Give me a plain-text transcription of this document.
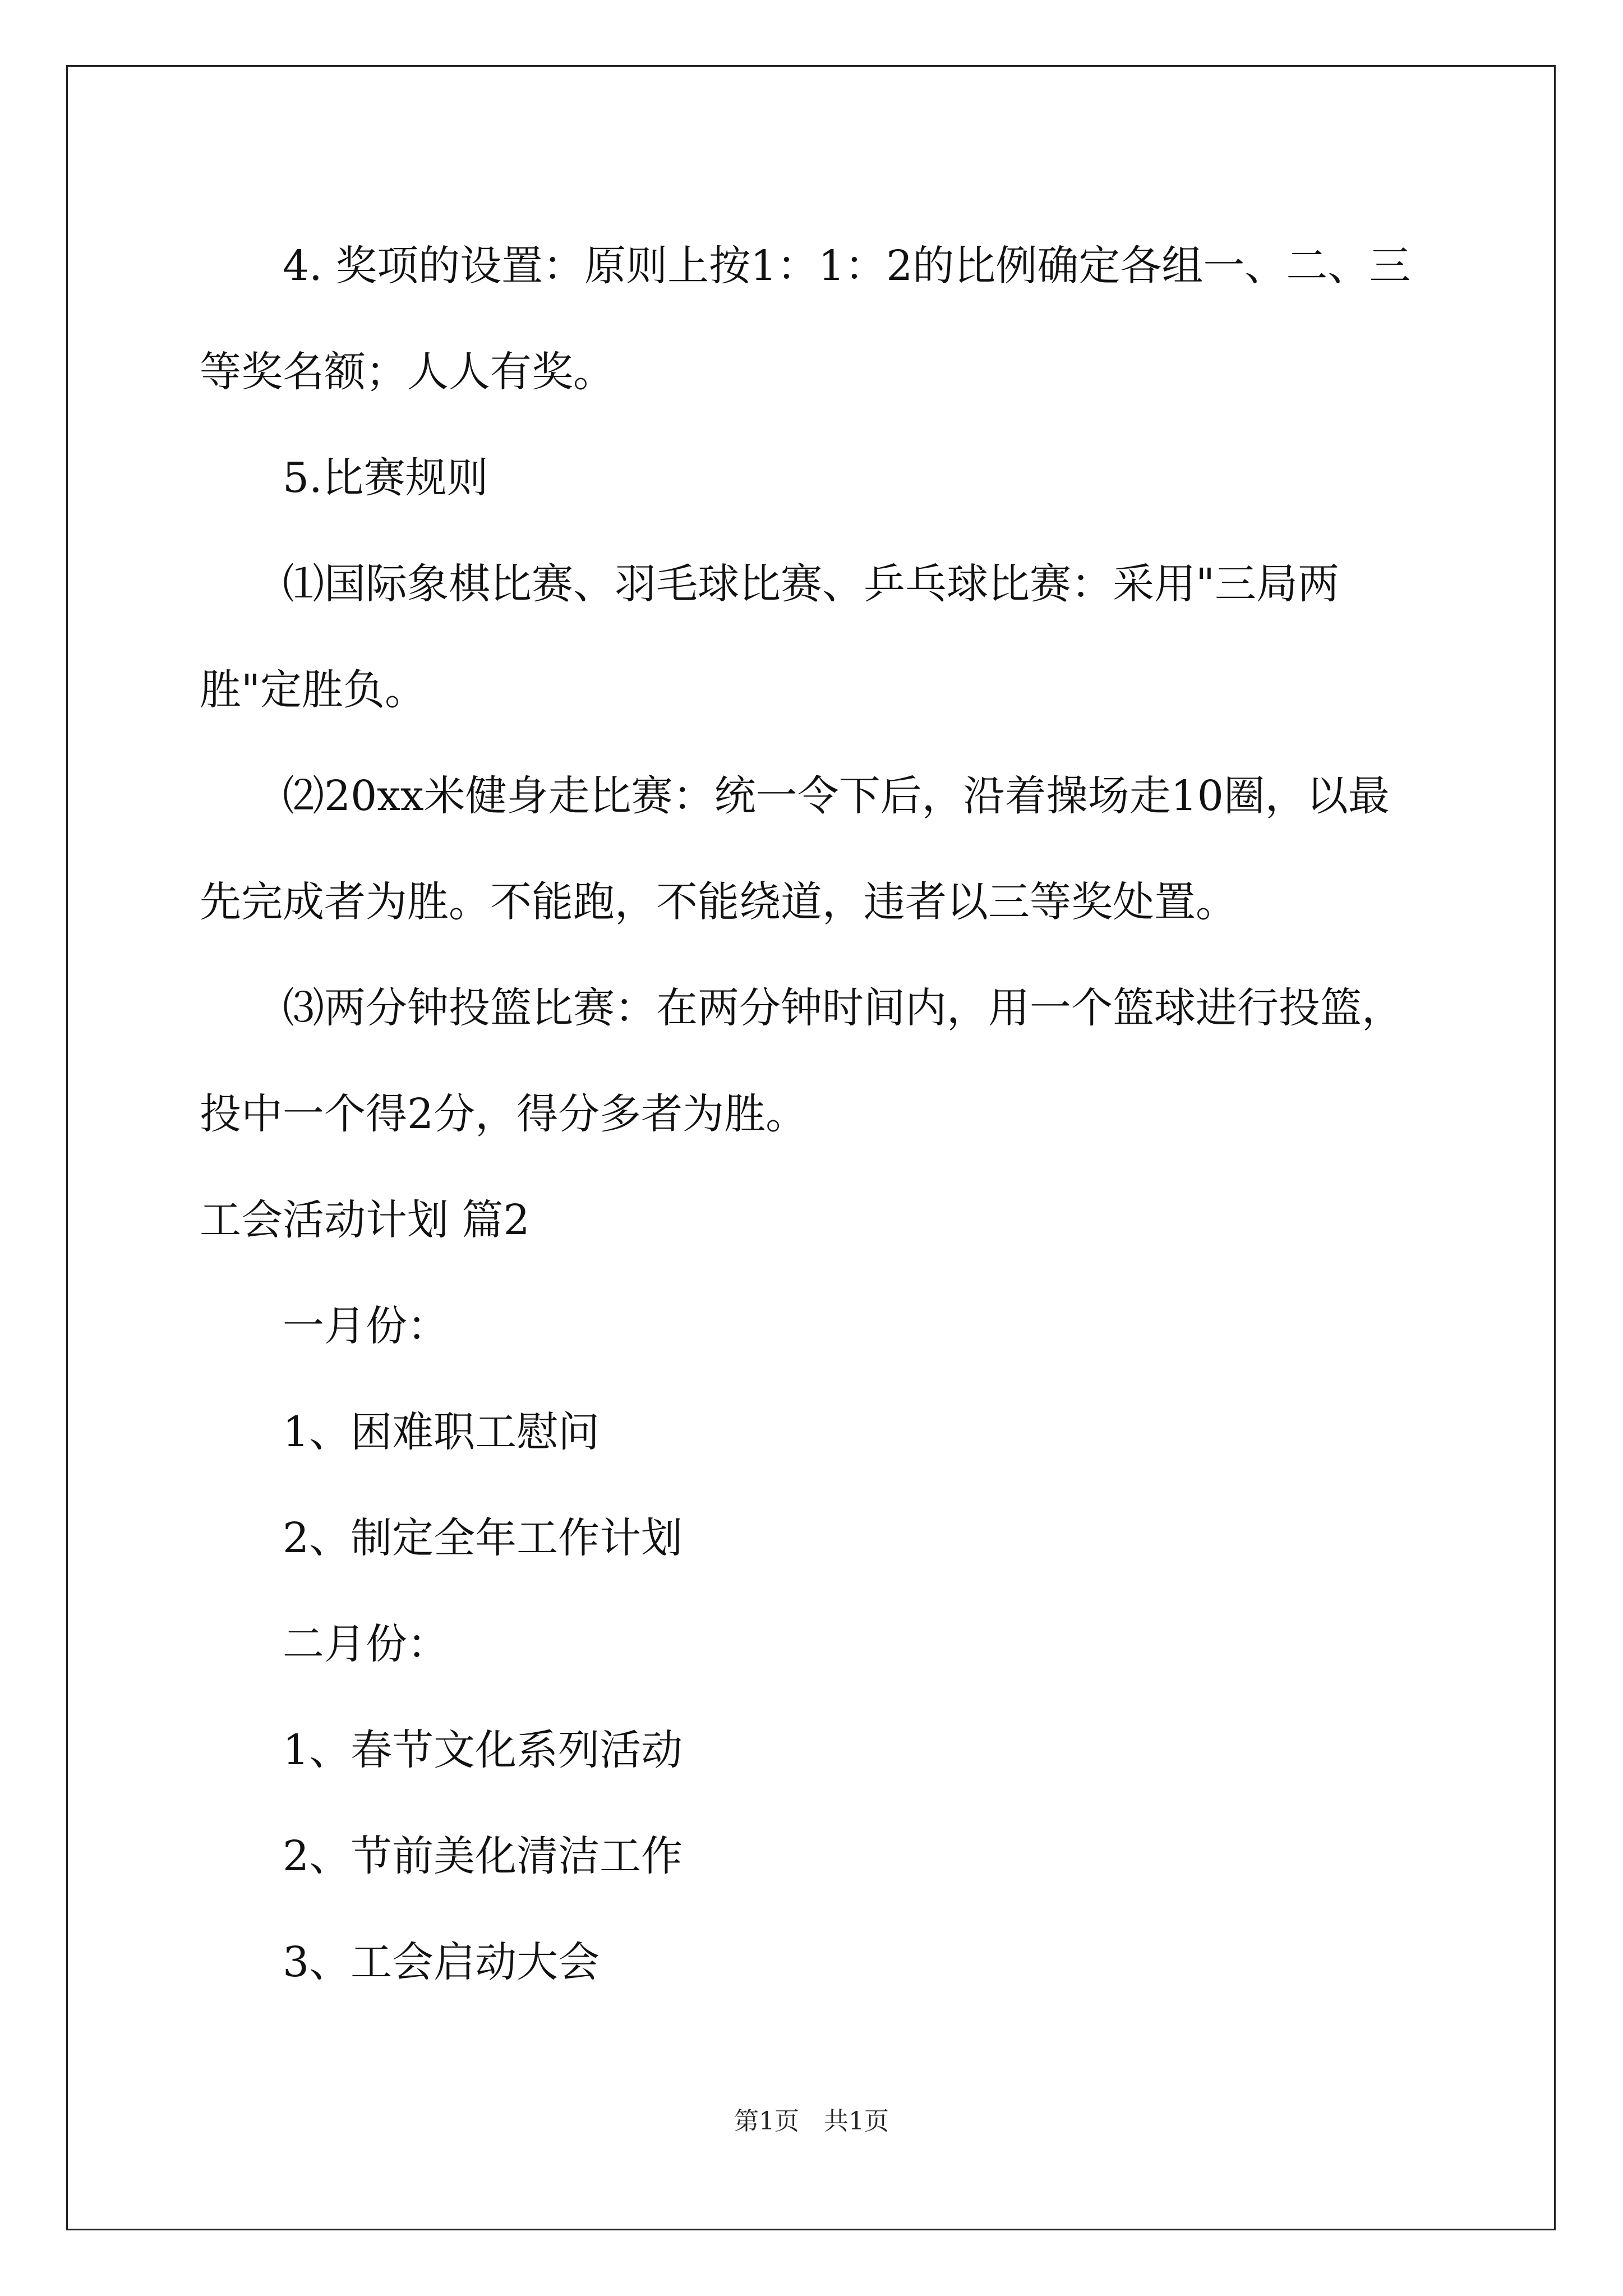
4. 奖项的设置：原则上按1：1：2的比例确定各组一、二、三等奖名额；人人有奖。

5.比赛规则

⑴国际象棋比赛、羽毛球比赛、乒乓球比赛：采用"三局两胜"定胜负。

⑵20xx米健身走比赛：统一令下后，沿着操场走10圈，以最先完成者为胜。不能跑，不能绕道，违者以三等奖处置。

⑶两分钟投篮比赛：在两分钟时间内，用一个篮球进行投篮，投中一个得2分，得分多者为胜。

工会活动计划 篇2

一月份：

1、困难职工慰问

2、制定全年工作计划

二月份：

1、春节文化系列活动

2、节前美化清洁工作

3、工会启动大会

第1页 共1页
